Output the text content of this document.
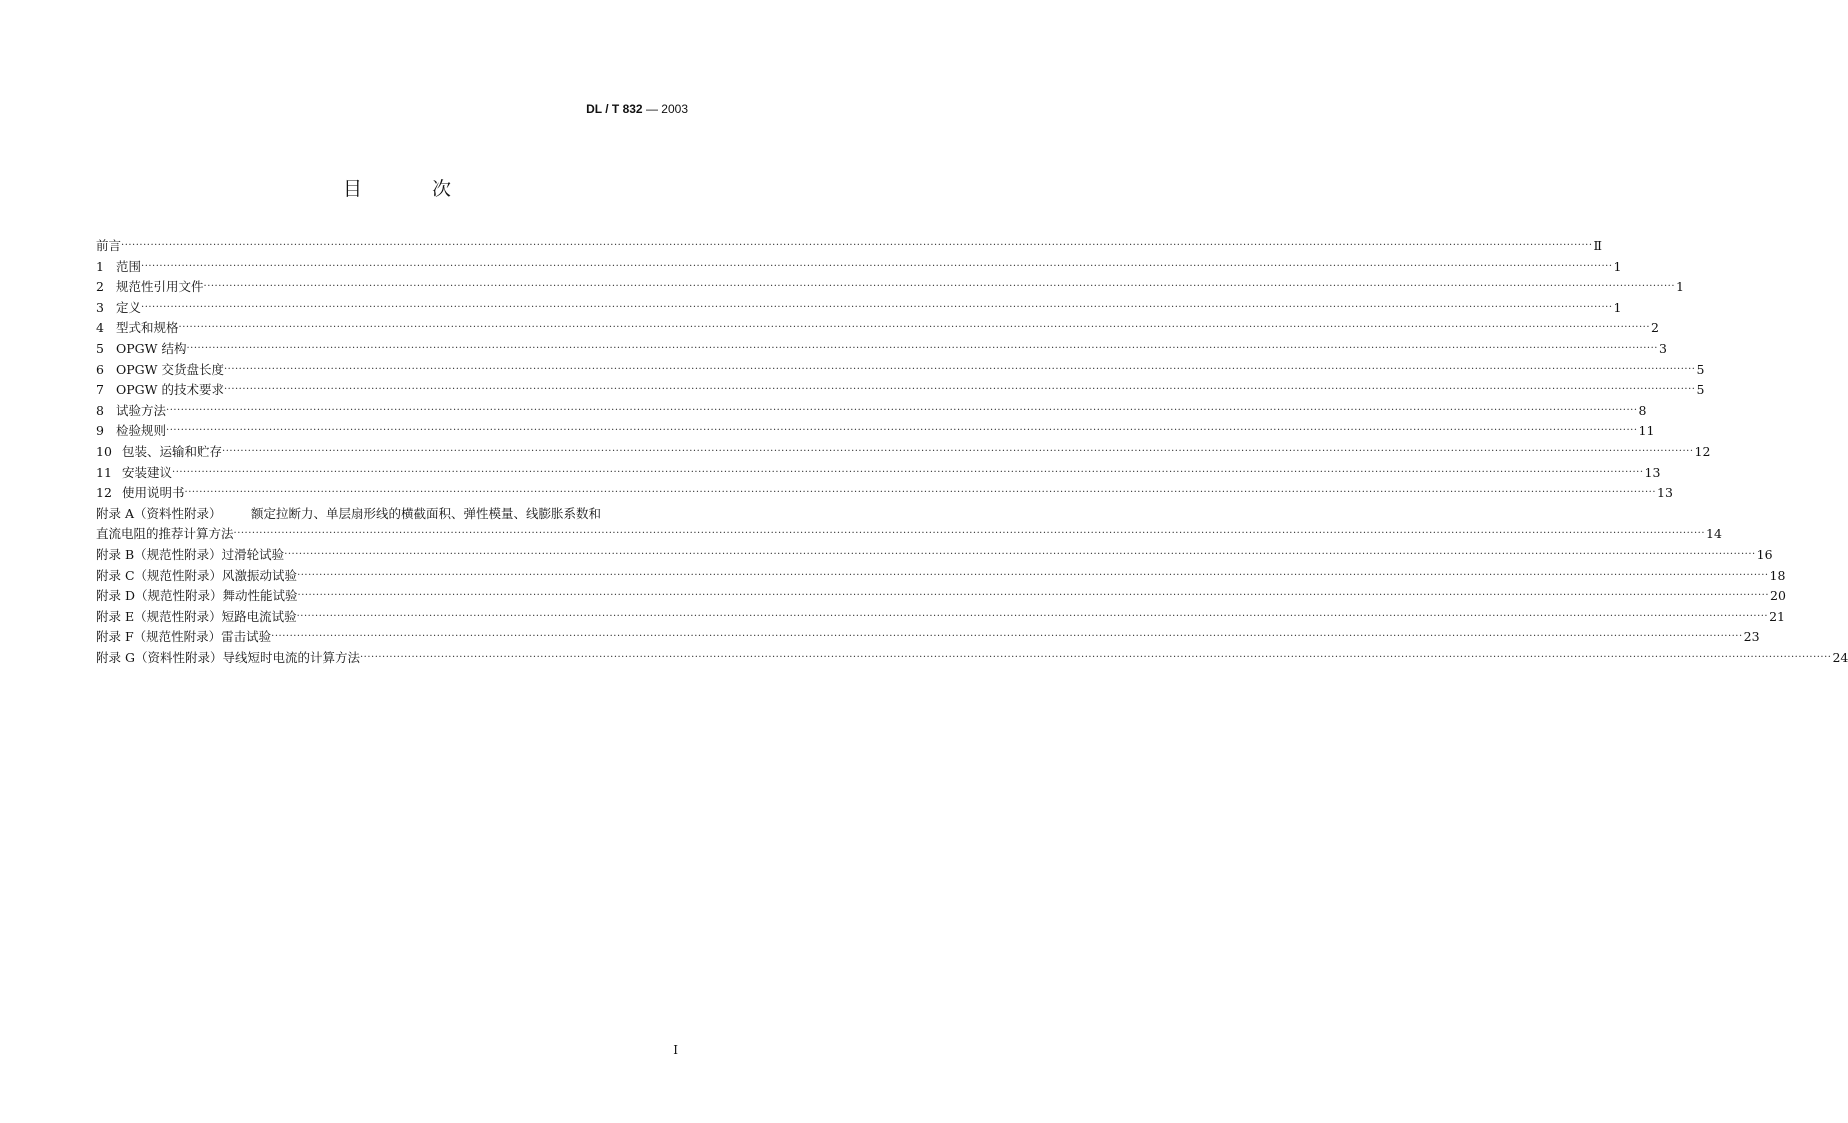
DL / T 832 — 2003
目	次
前言 ················································································································································································································································································································································································································ Ⅱ
1 范围 ················································································································································································································································································································································································································ 1
2 规范性引用文件 ················································································································································································································································································································································································································ 1
3 定义 ················································································································································································································································································································································································································ 1
4 型式和规格 ················································································································································································································································································································································································································ 2
5 OPGW 结构 ················································································································································································································································································································································································································ 3
6 OPGW 交货盘长度 ················································································································································································································································································································································································································ 5
7 OPGW 的技术要求 ················································································································································································································································································································································································································ 5
8 试验方法 ················································································································································································································································································································································································································ 8
9 检验规则 ················································································································································································································································································································································································································ 11
10 包装、运输和贮存 ················································································································································································································································································································································································································ 12
11 安装建议 ················································································································································································································································································································································································································ 13
12 使用说明书 ················································································································································································································································································································································································································ 13
附录 A（资料性附录） 额定拉断力、单层扇形线的横截面积、弹性模量、线膨胀系数和
直流电阻的推荐计算方法 ················································································································································································································································································································································································································ 14
附录 B（规范性附录） 过滑轮试验 ················································································································································································································································································································································································································ 16
附录 C（规范性附录） 风激振动试验 ················································································································································································································································································································································································································ 18
附录 D（规范性附录） 舞动性能试验 ················································································································································································································································································································································································································ 20
附录 E（规范性附录） 短路电流试验 ················································································································································································································································································································································································································ 21
附录 F（规范性附录） 雷击试验 ················································································································································································································································································································································································································ 23
附录 G（资料性附录） 导线短时电流的计算方法 ················································································································································································································································································································································································································ 24
I
